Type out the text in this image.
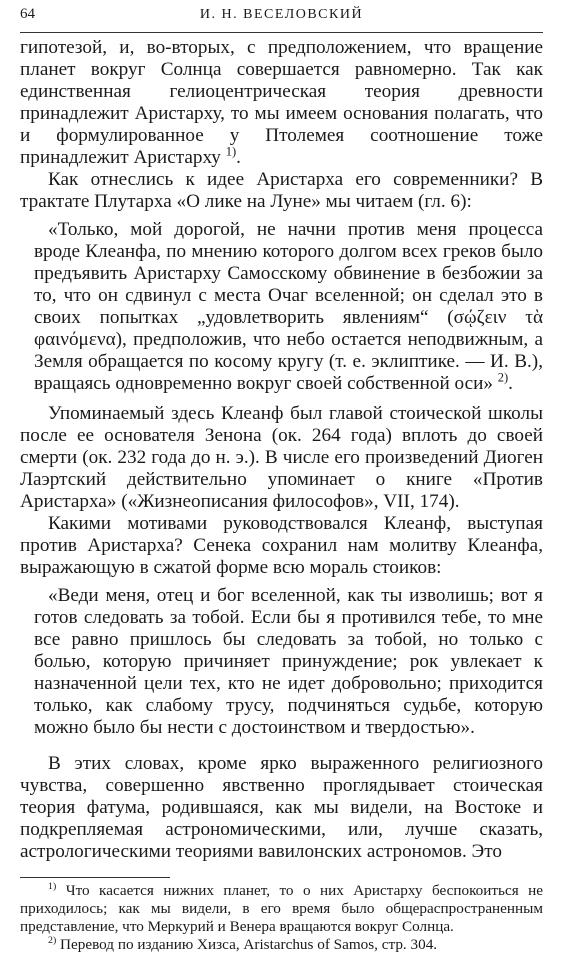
64	И. Н. ВЕСЕЛОВСКИЙ

гипотезой, и, во-вторых, с предположением, что вращение планет вокруг Солнца совершается равномерно. Так как единственная гелиоцентрическая теория древности принадлежит Аристарху, то мы имеем основания полагать, что и формулированное у Птолемея соотношение тоже принадлежит Аристарху $^{1)}$.

Как отнеслись к идее Аристарха его современники? В трактате Плутарха «О лике на Луне» мы читаем (гл. 6):

«Только, мой дорогой, не начни против меня процесса вроде Клеанфа, по мнению которого долгом всех греков было предъявить Аристарху Самосскому обвинение в безбожии за то, что он сдвинул с места Очаг вселенной; он сделал это в своих попытках „удовлетворить явлениям“ (σῴζειν τὰ φαινόμενα), предположив, что небо остается неподвижным, а Земля обращается по косому кругу (т. е. эклиптике. — И. В.), вращаясь одновременно вокруг своей собственной оси» $^{2)}$.

Упоминаемый здесь Клеанф был главой стоической школы после ее основателя Зенона (ок. 264 года) вплоть до своей смерти (ок. 232 года до н. э.). В числе его произведений Диоген Лаэртский действительно упоминает о книге «Против Аристарха» («Жизнеописания философов», VII, 174).

Какими мотивами руководствовался Клеанф, выступая против Аристарха? Сенека сохранил нам молитву Клеанфа, выражающую в сжатой форме всю мораль стоиков:

«Веди меня, отец и бог вселенной, как ты изволишь; вот я готов следовать за тобой. Если бы я противился тебе, то мне все равно пришлось бы следовать за тобой, но только с болью, которую причиняет принуждение; рок увлекает к назначенной цели тех, кто не идет добровольно; приходится только, как слабому трусу, подчиняться судьбе, которую можно было бы нести с достоинством и твердостью».

В этих словах, кроме ярко выраженного религиозного чувства, совершенно явственно проглядывает стоическая теория фатума, родившаяся, как мы видели, на Востоке и подкрепляемая астрономическими, или, лучше сказать, астрологическими теориями вавилонских астрономов. Это

$^{1)}$ Что касается нижних планет, то о них Аристарху беспокоиться не приходилось; как мы видели, в его время было общераспространенным представление, что Меркурий и Венера вращаются вокруг Солнца.

$^{2)}$ Перевод по изданию Хизса, Aristarchus of Samos, стр. 304.
